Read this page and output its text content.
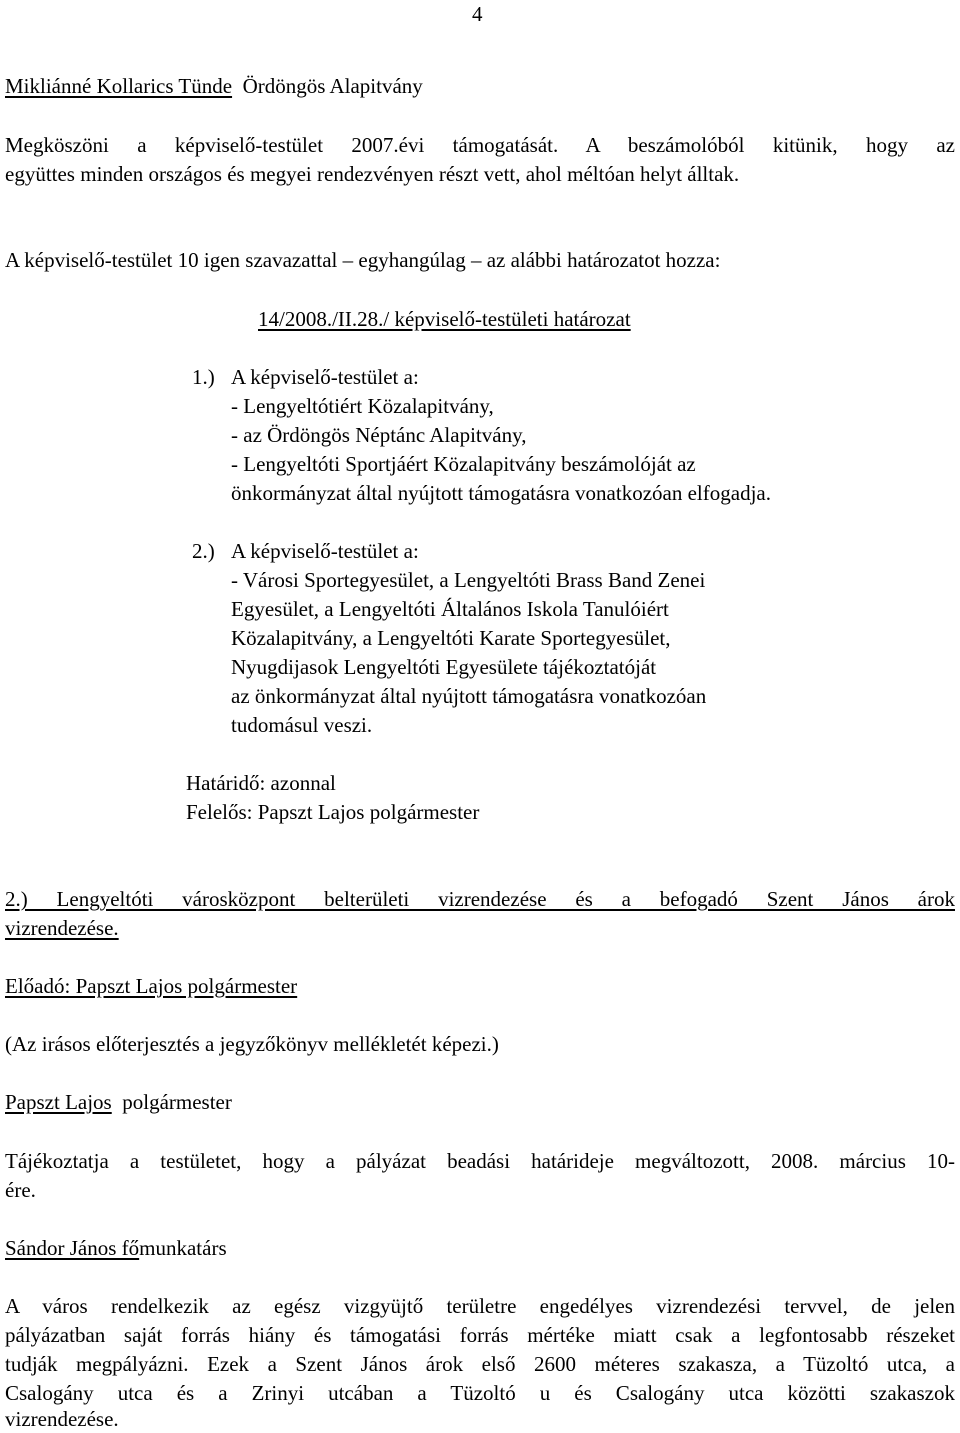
4
Mikliánné Kollarics Tünde Ördöngös Alapitvány
Megköszöni a képviselő-testület 2007.évi támogatását. A beszámolóból kitünik, hogy az
együttes minden országos és megyei rendezvényen részt vett, ahol méltóan helyt álltak.
A képviselő-testület 10 igen szavazattal – egyhangúlag – az alábbi határozatot hozza:
14/2008./II.28./ képviselő-testületi határozat
1.) A képviselő-testület a:
- Lengyeltótiért Közalapitvány,
- az Ördöngös Néptánc Alapitvány,
- Lengyeltóti Sportjáért Közalapitvány beszámolóját az
önkormányzat által nyújtott támogatásra vonatkozóan elfogadja.
2.) A képviselő-testület a:
- Városi Sportegyesület, a Lengyeltóti Brass Band Zenei
Egyesület, a Lengyeltóti Általános Iskola Tanulóiért
Közalapitvány, a Lengyeltóti Karate Sportegyesület,
Nyugdijasok Lengyeltóti Egyesülete tájékoztatóját
az önkormányzat által nyújtott támogatásra vonatkozóan
tudomásul veszi.
Határidő: azonnal
Felelős: Papszt Lajos polgármester
2.) Lengyeltóti városközpont belterületi vizrendezése és a befogadó Szent János árok
vizrendezése.
Előadó: Papszt Lajos polgármester
(Az irásos előterjesztés a jegyzőkönyv mellékletét képezi.)
Papszt Lajos polgármester
Tájékoztatja a testületet, hogy a pályázat beadási határideje megváltozott, 2008. március 10-
ére.
Sándor János főmunkatárs
A város rendelkezik az egész vizgyüjtő területre engedélyes vizrendezési tervvel, de jelen
pályázatban saját forrás hiány és támogatási forrás mértéke miatt csak a legfontosabb részeket
tudják megpályázni. Ezek a Szent János árok első 2600 méteres szakasza, a Tüzoltó utca, a
Csalogány utca és a Zrinyi utcában a Tüzoltó u és Csalogány utca közötti szakaszok
vizrendezése.
